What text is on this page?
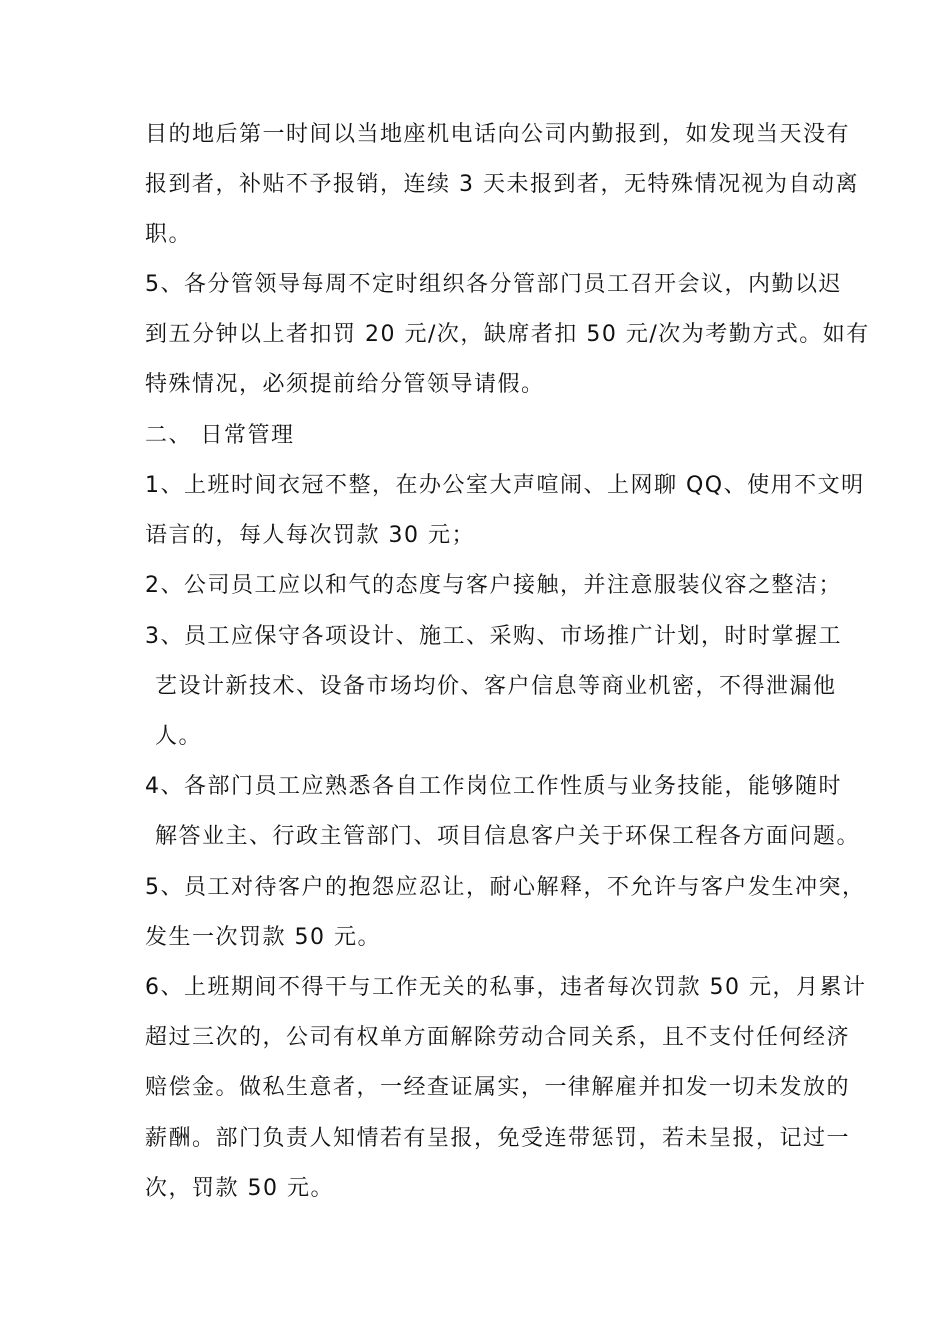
目的地后第一时间以当地座机电话向公司内勤报到，如发现当天没有
报到者，补贴不予报销，连续 3 天未报到者，无特殊情况视为自动离
职。
5、各分管领导每周不定时组织各分管部门员工召开会议，内勤以迟
到五分钟以上者扣罚 20 元/次，缺席者扣 50 元/次为考勤方式。如有
特殊情况，必须提前给分管领导请假。
二、 日常管理
1、上班时间衣冠不整，在办公室大声喧闹、上网聊 QQ、使用不文明
语言的，每人每次罚款 30 元；
2、公司员工应以和气的态度与客户接触，并注意服装仪容之整洁；
3、员工应保守各项设计、施工、采购、市场推广计划，时时掌握工
艺设计新技术、设备市场均价、客户信息等商业机密，不得泄漏他
人。
4、各部门员工应熟悉各自工作岗位工作性质与业务技能，能够随时
解答业主、行政主管部门、项目信息客户关于环保工程各方面问题。
5、员工对待客户的抱怨应忍让，耐心解释，不允许与客户发生冲突，
发生一次罚款 50 元。
6、上班期间不得干与工作无关的私事，违者每次罚款 50 元，月累计
超过三次的，公司有权单方面解除劳动合同关系，且不支付任何经济
赔偿金。做私生意者，一经查证属实，一律解雇并扣发一切未发放的
薪酬。部门负责人知情若有呈报，免受连带惩罚，若未呈报，记过一
次，罚款 50 元。
